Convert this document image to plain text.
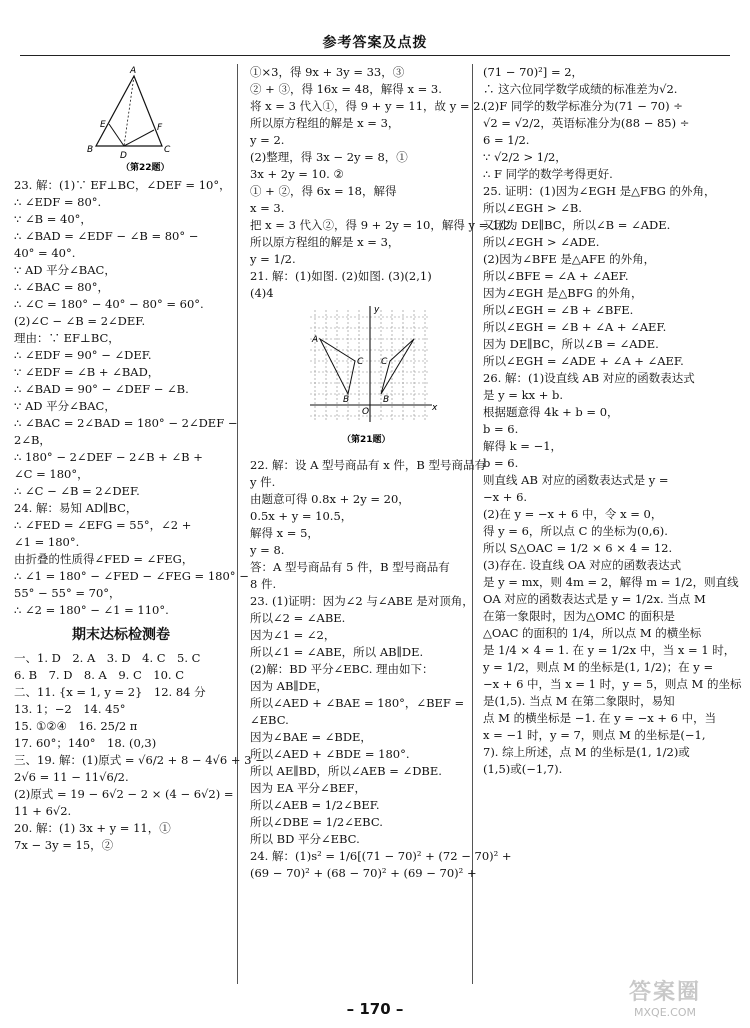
参考答案及点拨
A
E	F
B
D
C
（第22题）
23. 解：(1)∵ EF⊥BC，∠DEF = 10°，
∴ ∠EDF = 80°.
∵ ∠B = 40°，
∴ ∠BAD = ∠EDF − ∠B = 80° −
40° = 40°.
∵ AD 平分∠BAC，
∴ ∠BAC = 80°，
∴ ∠C = 180° − 40° − 80° = 60°.
(2)∠C − ∠B = 2∠DEF.
理由：∵ EF⊥BC，
∴ ∠EDF = 90° − ∠DEF.
∵ ∠EDF = ∠B + ∠BAD，
∴ ∠BAD = 90° − ∠DEF − ∠B.
∵ AD 平分∠BAC，
∴ ∠BAC = 2∠BAD = 180° − 2∠DEF −
2∠B，
∴ 180° − 2∠DEF − 2∠B + ∠B +
∠C = 180°，
∴ ∠C − ∠B = 2∠DEF.
24. 解：易知 AD∥BC，
∴ ∠FED = ∠EFG = 55°，∠2 +
∠1 = 180°.
由折叠的性质得∠FED = ∠FEG，
∴ ∠1 = 180° − ∠FED − ∠FEG = 180° −
55° − 55° = 70°，
∴ ∠2 = 180° − ∠1 = 110°.
期末达标检测卷
一、1. D　2. A　3. D　4. C　5. C
6. B　7. D　8. A　9. C　10. C
二、11. {x = 1, y = 2}　12. 84 分
13. 1；−2　14. 45°
15. ①②④　16. 25/2 π
17. 60°；140°　18. (0,3)
三、19. 解：(1)原式 = √6/2 + 8 − 4√6 + 3 −
2√6 = 11 − 11√6/2.
(2)原式 = 19 − 6√2 − 2 × (4 − 6√2) =
11 + 6√2.
20. 解：(1) 3x + y = 11，①
7x − 3y = 15，②
①×3，得 9x + 3y = 33，③
② + ③，得 16x = 48，解得 x = 3.
将 x = 3 代入①，得 9 + y = 11，故 y = 2.
所以原方程组的解是 x = 3，
y = 2.
(2)整理，得 3x − 2y = 8，①
3x + 2y = 10. ②
① + ②，得 6x = 18，解得
x = 3.
把 x = 3 代入②，得 9 + 2y = 10，解得 y = 1/2.
所以原方程组的解是 x = 3，
y = 1/2.
21. 解：(1)如图. (2)如图. (3)(2,1)
(4)4
y
A
x
B
C
O
C
B
（第21题）
22. 解：设 A 型号商品有 x 件，B 型号商品有
y 件.
由题意可得 0.8x + 2y = 20，
0.5x + y = 10.5，
解得 x = 5，
y = 8.
答：A 型号商品有 5 件，B 型号商品有
8 件.
23. (1)证明：因为∠2 与∠ABE 是对顶角，
所以∠2 = ∠ABE.
因为∠1 = ∠2，
所以∠1 = ∠ABE，所以 AB∥DE.
(2)解：BD 平分∠EBC. 理由如下：
因为 AB∥DE，
所以∠AED + ∠BAE = 180°，∠BEF =
∠EBC.
因为∠BAE = ∠BDE，
所以∠AED + ∠BDE = 180°.
所以 AE∥BD，所以∠AEB = ∠DBE.
因为 EA 平分∠BEF，
所以∠AEB = 1/2∠BEF.
所以∠DBE = 1/2∠EBC.
所以 BD 平分∠EBC.
24. 解：(1)s² = 1/6[(71 − 70)² + (72 − 70)² +
(69 − 70)² + (68 − 70)² + (69 − 70)² +
(71 − 70)²] = 2，
∴ 这六位同学数学成绩的标准差为√2.
(2)F 同学的数学标准分为(71 − 70) ÷
√2 = √2/2，英语标准分为(88 − 85) ÷
6 = 1/2.
∵ √2/2 > 1/2，
∴ F 同学的数学考得更好.
25. 证明：(1)因为∠EGH 是△FBG 的外角，
所以∠EGH > ∠B.
又因为 DE∥BC，所以∠B = ∠ADE.
所以∠EGH > ∠ADE.
(2)因为∠BFE 是△AFE 的外角，
所以∠BFE = ∠A + ∠AEF.
因为∠EGH 是△BFG 的外角，
所以∠EGH = ∠B + ∠BFE.
所以∠EGH = ∠B + ∠A + ∠AEF.
因为 DE∥BC，所以∠B = ∠ADE.
所以∠EGH = ∠ADE + ∠A + ∠AEF.
26. 解：(1)设直线 AB 对应的函数表达式
是 y = kx + b.
根据题意得 4k + b = 0，
b = 6.
解得 k = −1，
b = 6.
则直线 AB 对应的函数表达式是 y =
−x + 6.
(2)在 y = −x + 6 中，令 x = 0，
得 y = 6，所以点 C 的坐标为(0,6).
所以 S△OAC = 1/2 × 6 × 4 = 12.
(3)存在. 设直线 OA 对应的函数表达式
是 y = mx，则 4m = 2，解得 m = 1/2，则直线
OA 对应的函数表达式是 y = 1/2x. 当点 M
在第一象限时，因为△OMC 的面积是
△OAC 的面积的 1/4，所以点 M 的横坐标
是 1/4 × 4 = 1. 在 y = 1/2x 中，当 x = 1 时，
y = 1/2，则点 M 的坐标是(1, 1/2)；在 y =
−x + 6 中，当 x = 1 时，y = 5，则点 M 的坐标
是(1,5). 当点 M 在第二象限时，易知
点 M 的横坐标是 −1. 在 y = −x + 6 中，当
x = −1 时，y = 7，则点 M 的坐标是(−1,
7). 综上所述，点 M 的坐标是(1, 1/2)或
(1,5)或(−1,7).
– 170 –
答案圈
MXQE.COM
